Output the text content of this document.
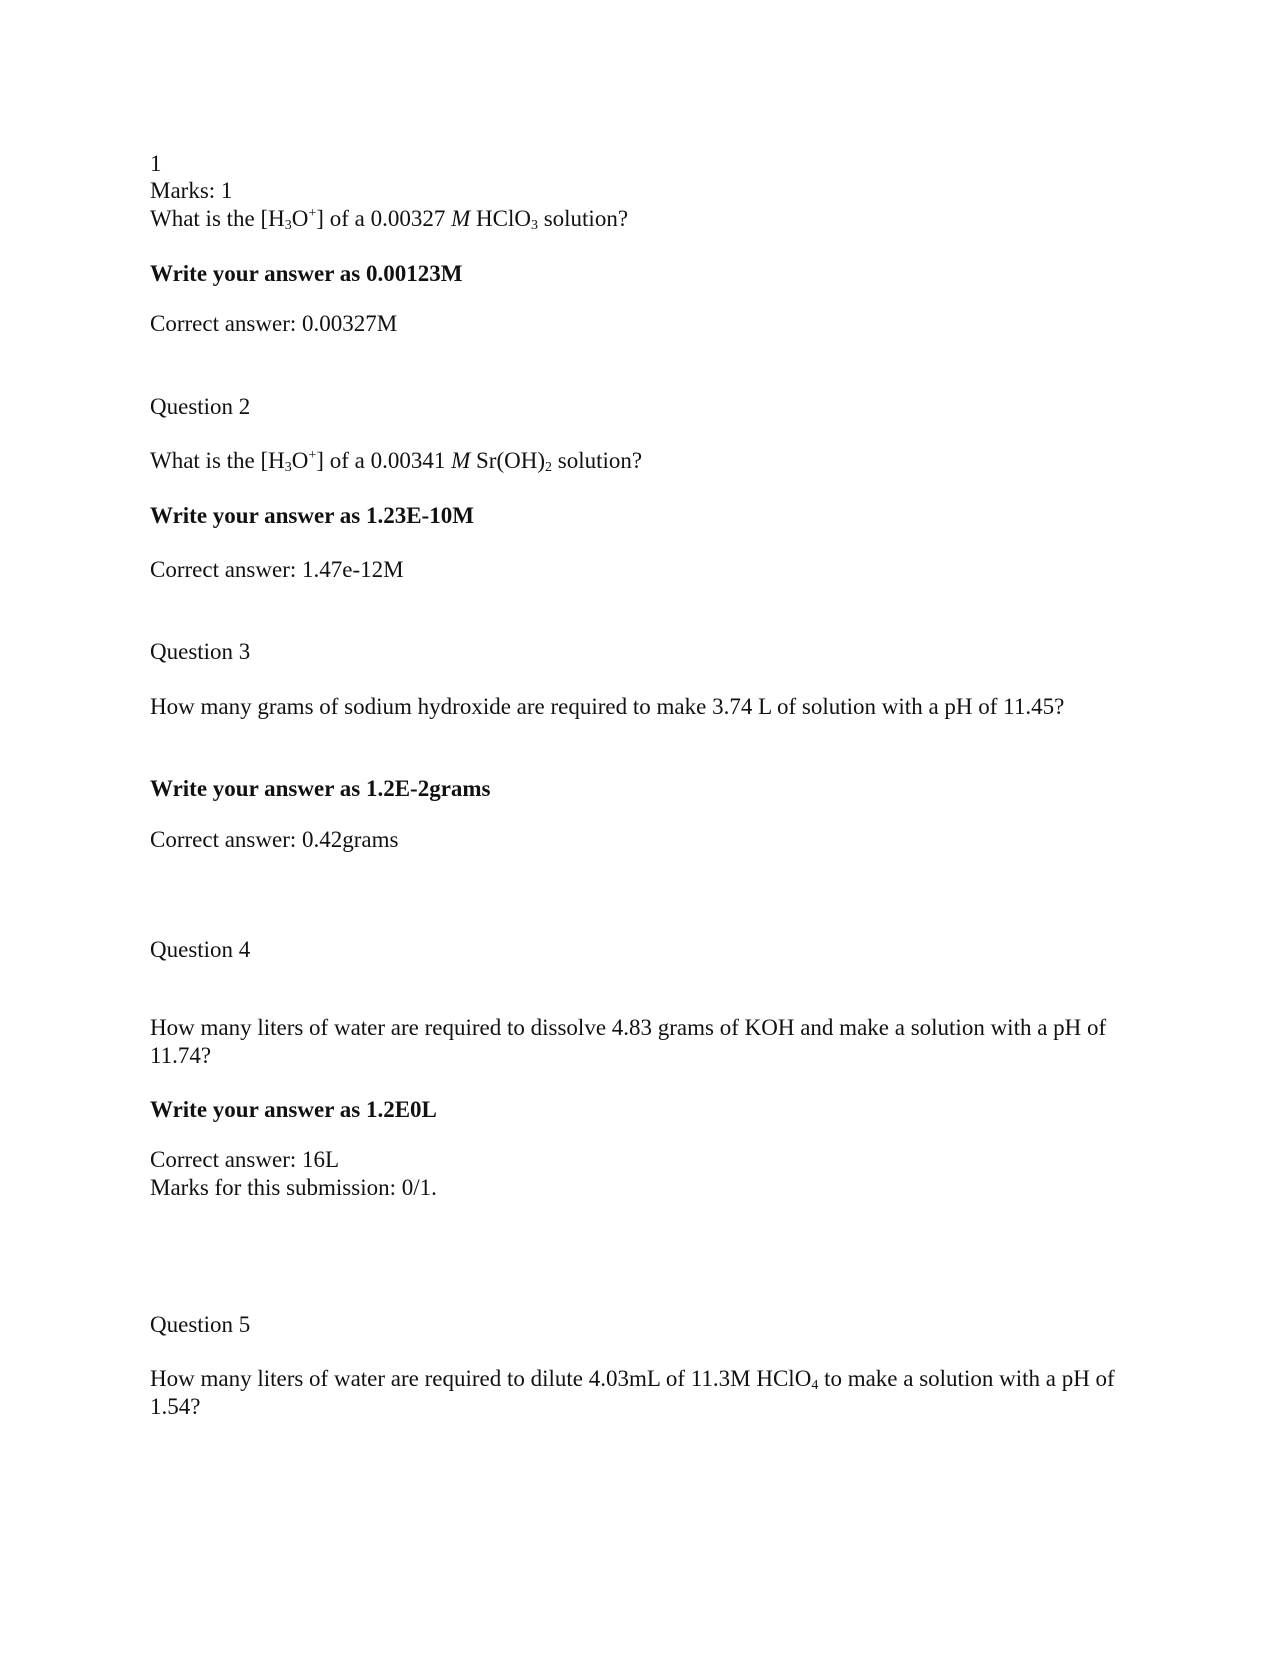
1
Marks: 1
What is the $[H_3O^+]$ of a 0.00327 M HClO$_3$ solution?
Write your answer as 0.00123M
Correct answer: 0.00327M
Question 2
What is the $[H_3O^+]$ of a 0.00341 M $Sr(OH)_2$ solution?
Write your answer as 1.23E-10M
Correct answer: 1.47e-12M
Question 3
How many grams of sodium hydroxide are required to make 3.74 L of solution with a pH of 11.45?
Write your answer as 1.2E-2grams
Correct answer: 0.42grams
Question 4
How many liters of water are required to dissolve 4.83 grams of KOH and make a solution with a pH of 11.74?
Write your answer as 1.2E0L
Correct answer: 16L
Marks for this submission: 0/1.
Question 5
How many liters of water are required to dilute 4.03mL of 11.3M HClO$_4$ to make a solution with a pH of 1.54?
